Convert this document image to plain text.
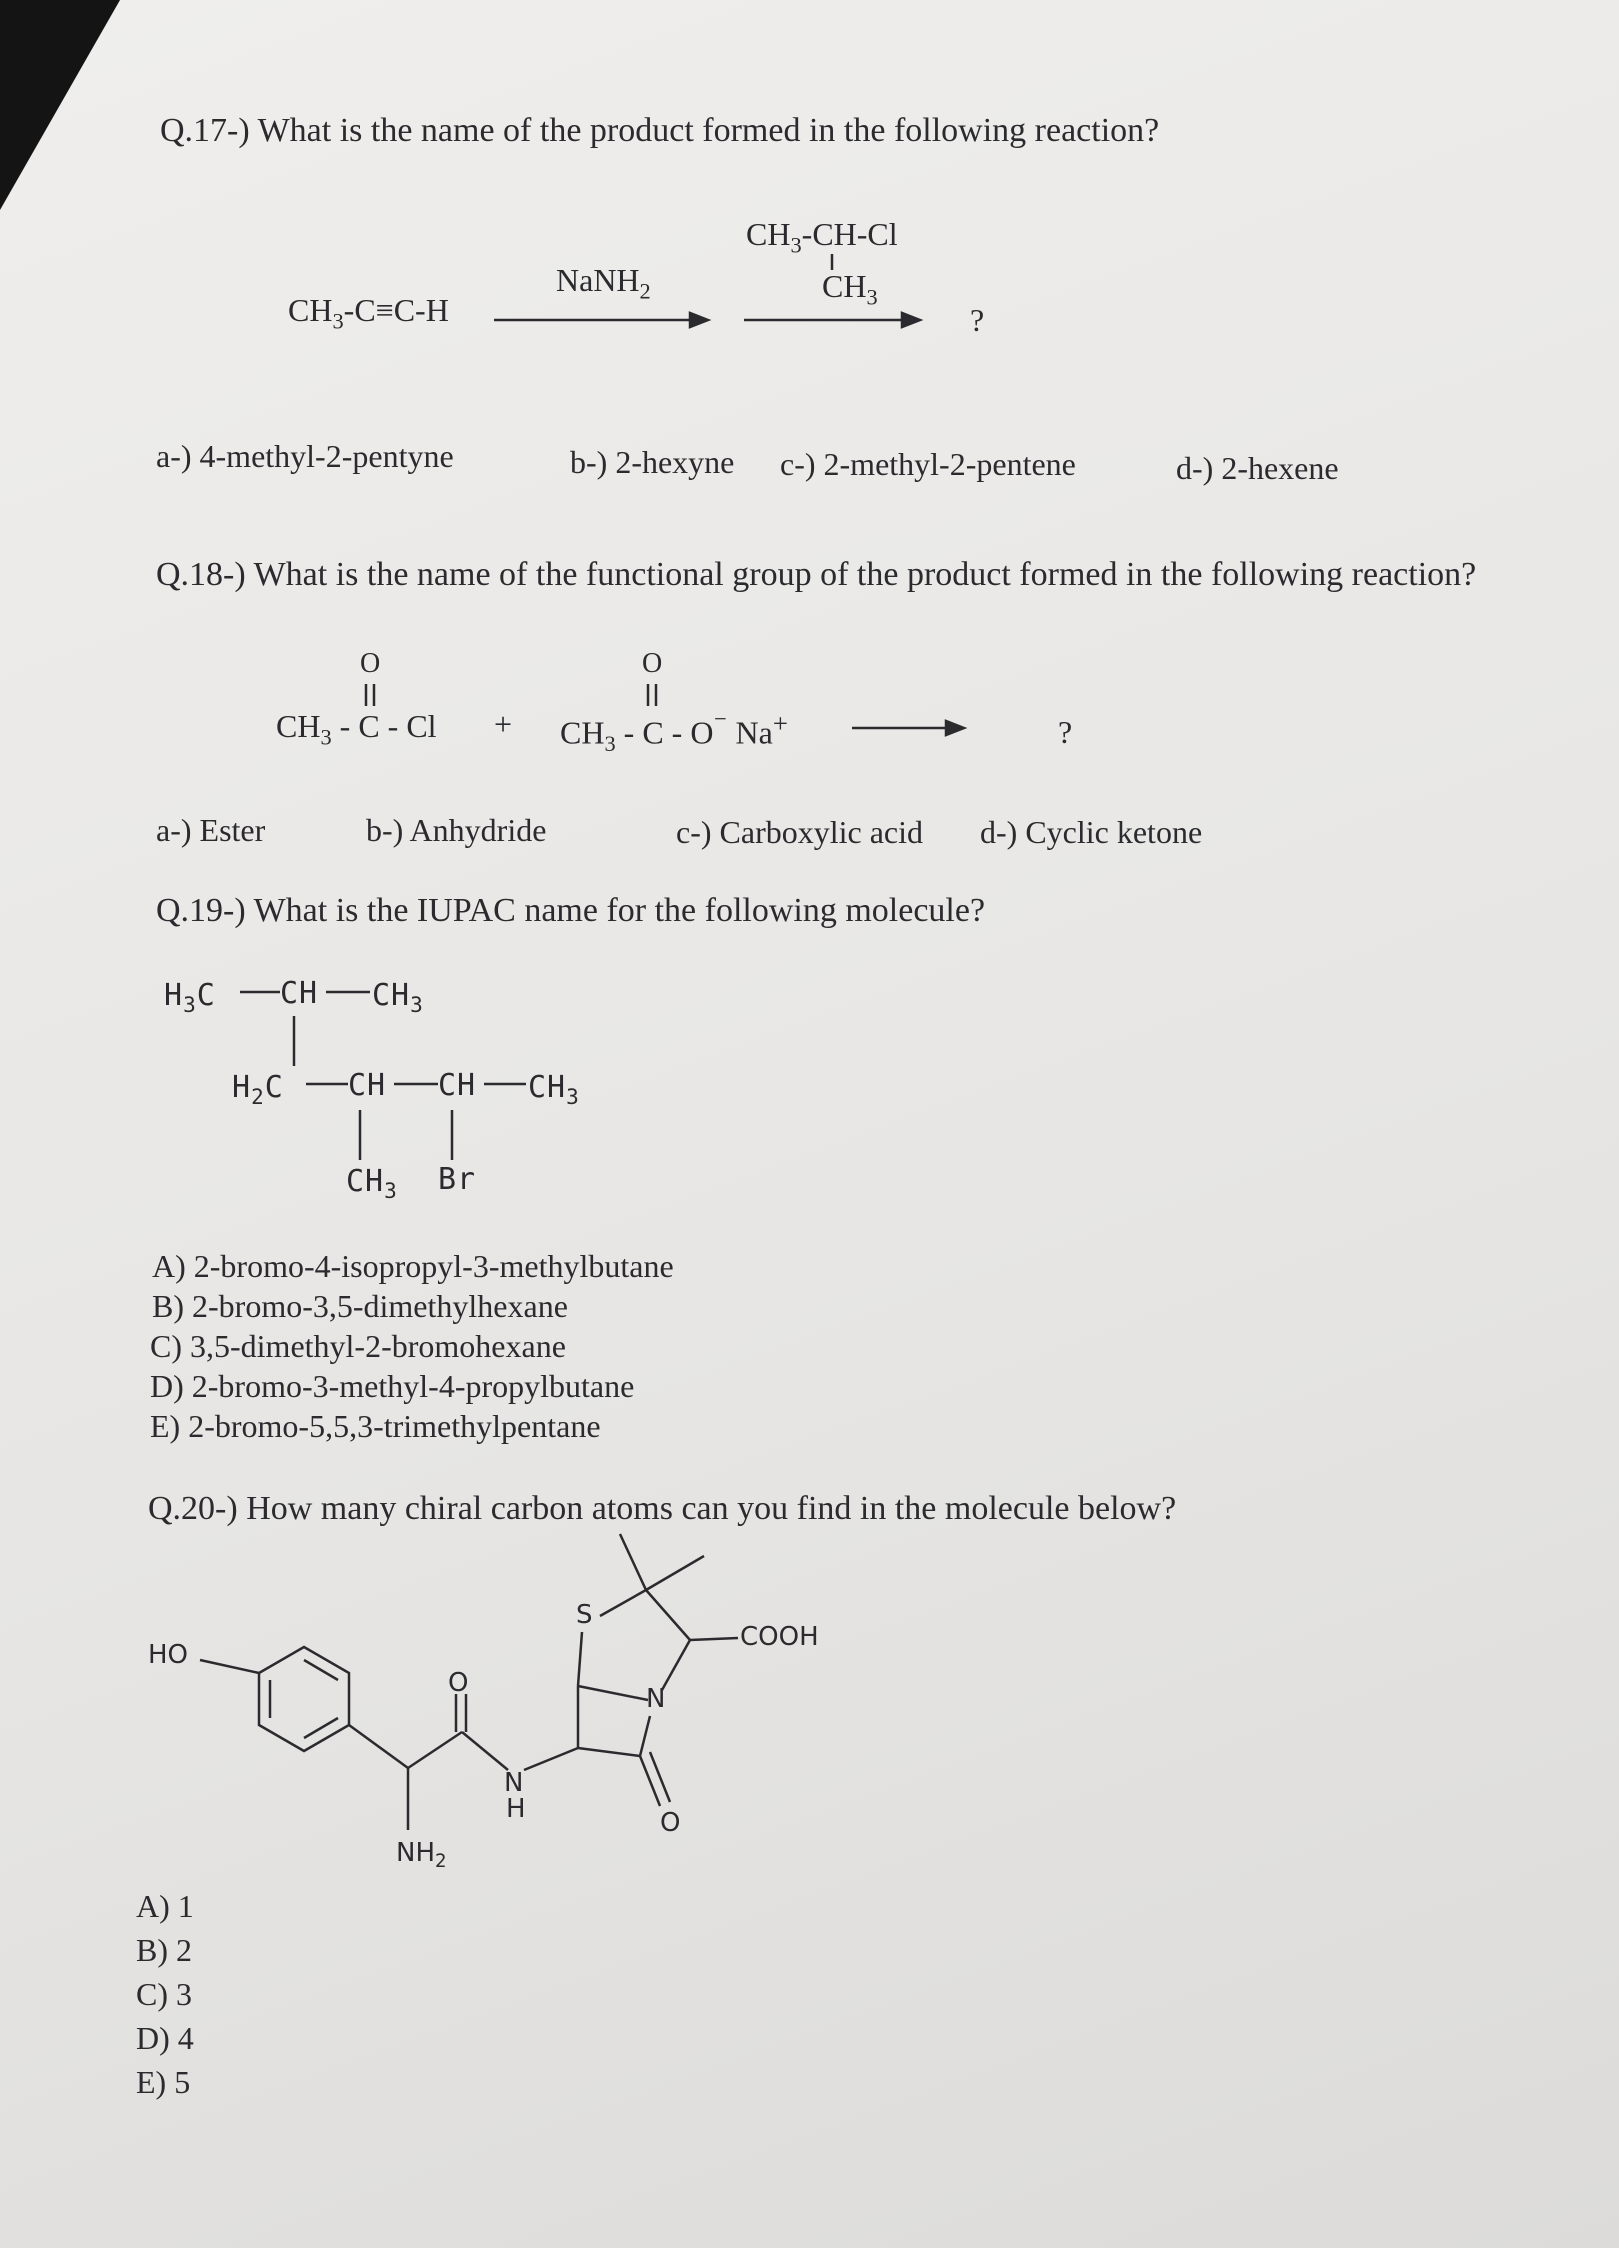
Q.17-) What is the name of the product formed in the following reaction?
$CH_3-C\equiv C-H$
NaNH$_2$
$CH_3-CH-Cl$
$CH_3$
?
a-) 4-methyl-2-pentyne	b-) 2-hexyne c-) 2-methyl-2-pentene	d-) 2-hexene
Q.18-) What is the name of the functional group of the product formed in the following reaction?
O	O
$CH_3 - C - Cl + CH_3 - C - O^{^-}$ Na+	?
a-) Ester	b-) Anhydride	c-) Carboxylic acid d-) Cyclic ketone
Q.19-) What is the IUPAC name for the following molecule?
$H_3C$ CH $CH_3$
$H_2C$ CH CH $CH_3$
$CH_3$ Br
A) 2-bromo-4-isopropyl-3-methylbutane
B) 2-bromo-3,5-dimethylhexane
C) 3,5-dimethyl-2-bromohexane
D) 2-bromo-3-methyl-4-propylbutane
E) 2-bromo-5,5,3-trimethylpentane
Q.20-) How many chiral carbon atoms can you find in the molecule below?
HO
O
N
H
$NH_2$
S
N
COOH
O
A) 1
B) 2
C) 3
D) 4
E) 5
